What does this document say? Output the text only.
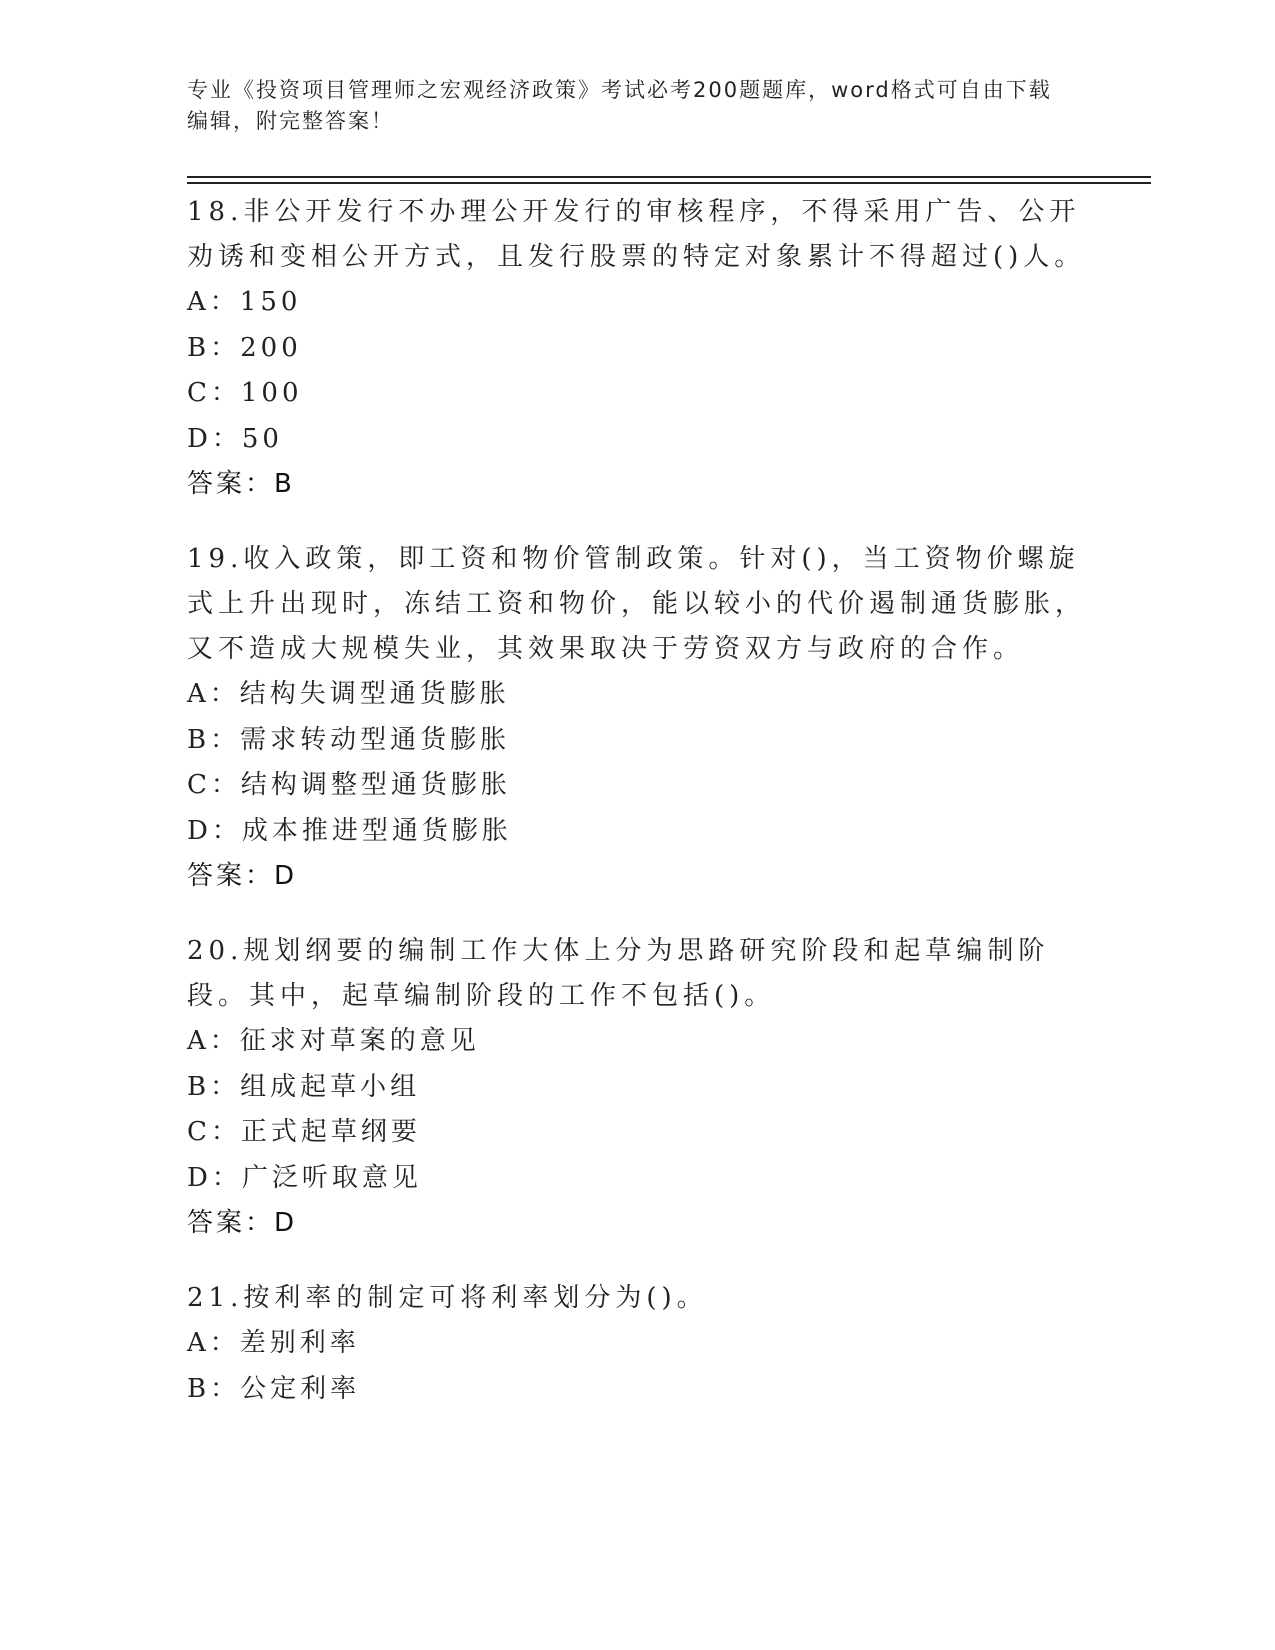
专业《投资项目管理师之宏观经济政策》考试必考200题题库，word格式可自由下载编辑，附完整答案！

18.非公开发行不办理公开发行的审核程序，不得采用广告、公开劝诱和变相公开方式，且发行股票的特定对象累计不得超过()人。

A：150

B：200

C：100

D：50

答案：B

19.收入政策，即工资和物价管制政策。针对()，当工资物价螺旋式上升出现时，冻结工资和物价，能以较小的代价遏制通货膨胀，又不造成大规模失业，其效果取决于劳资双方与政府的合作。

A：结构失调型通货膨胀

B：需求转动型通货膨胀

C：结构调整型通货膨胀

D：成本推进型通货膨胀

答案：D

20.规划纲要的编制工作大体上分为思路研究阶段和起草编制阶段。其中，起草编制阶段的工作不包括()。

A：征求对草案的意见

B：组成起草小组

C：正式起草纲要

D：广泛听取意见

答案：D

21.按利率的制定可将利率划分为()。

A：差别利率

B：公定利率
